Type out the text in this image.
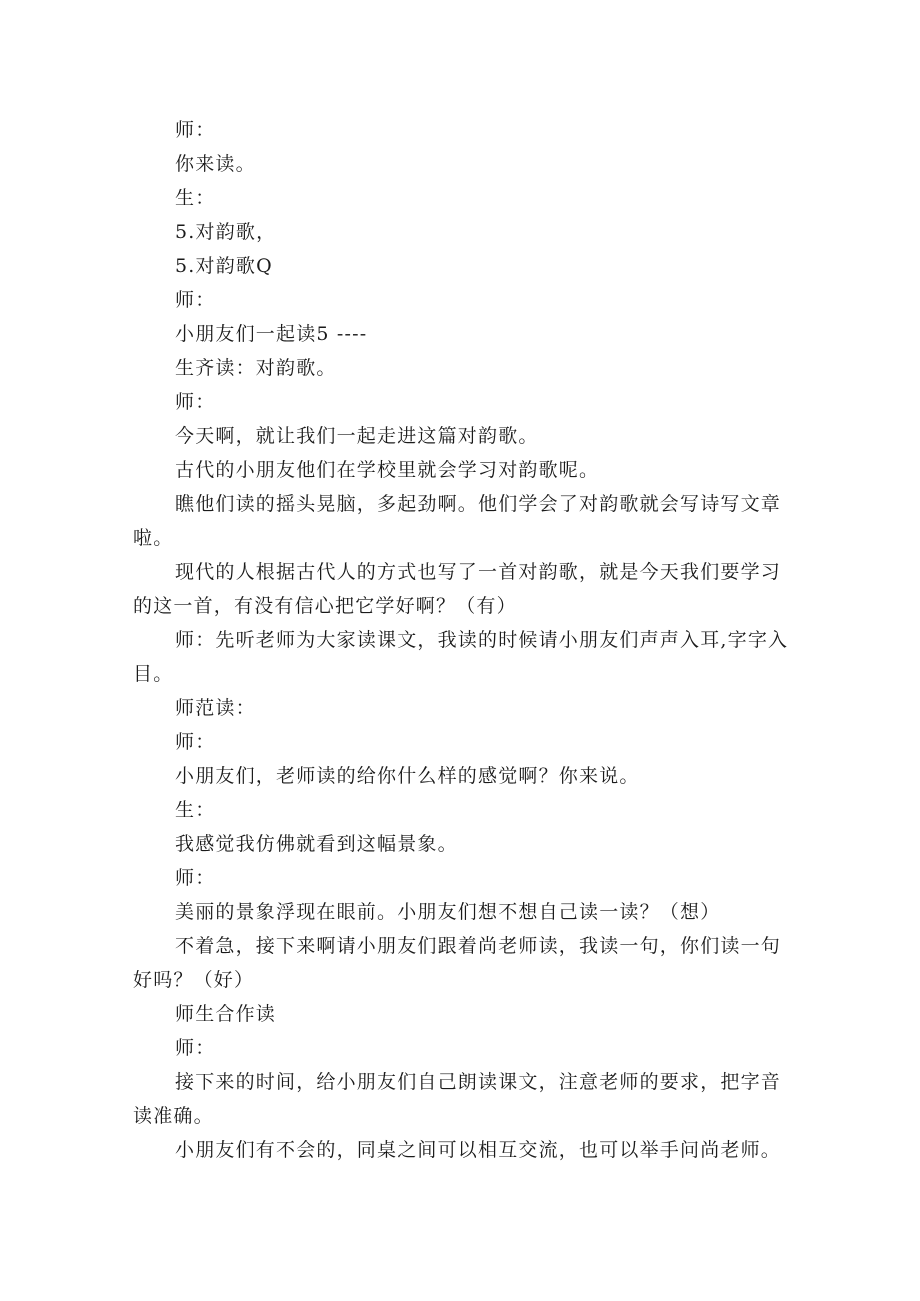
师：

你来读。

生：

5.对韵歌，

5.对韵歌Q

师：

小朋友们一起读5 ----

生齐读：对韵歌。

师：

今天啊，就让我们一起走进这篇对韵歌。

古代的小朋友他们在学校里就会学习对韵歌呢。

瞧他们读的摇头晃脑，多起劲啊。他们学会了对韵歌就会写诗写文章啦。

现代的人根据古代人的方式也写了一首对韵歌，就是今天我们要学习的这一首，有没有信心把它学好啊？（有）

师：先听老师为大家读课文，我读的时候请小朋友们声声入耳,字字入目。

师范读：

师：

小朋友们，老师读的给你什么样的感觉啊？你来说。

生：

我感觉我仿佛就看到这幅景象。

师：

美丽的景象浮现在眼前。小朋友们想不想自己读一读？（想）

不着急，接下来啊请小朋友们跟着尚老师读，我读一句，你们读一句好吗？（好）

师生合作读

师：

接下来的时间，给小朋友们自己朗读课文，注意老师的要求，把字音读准确。

小朋友们有不会的，同桌之间可以相互交流，也可以举手问尚老师。
